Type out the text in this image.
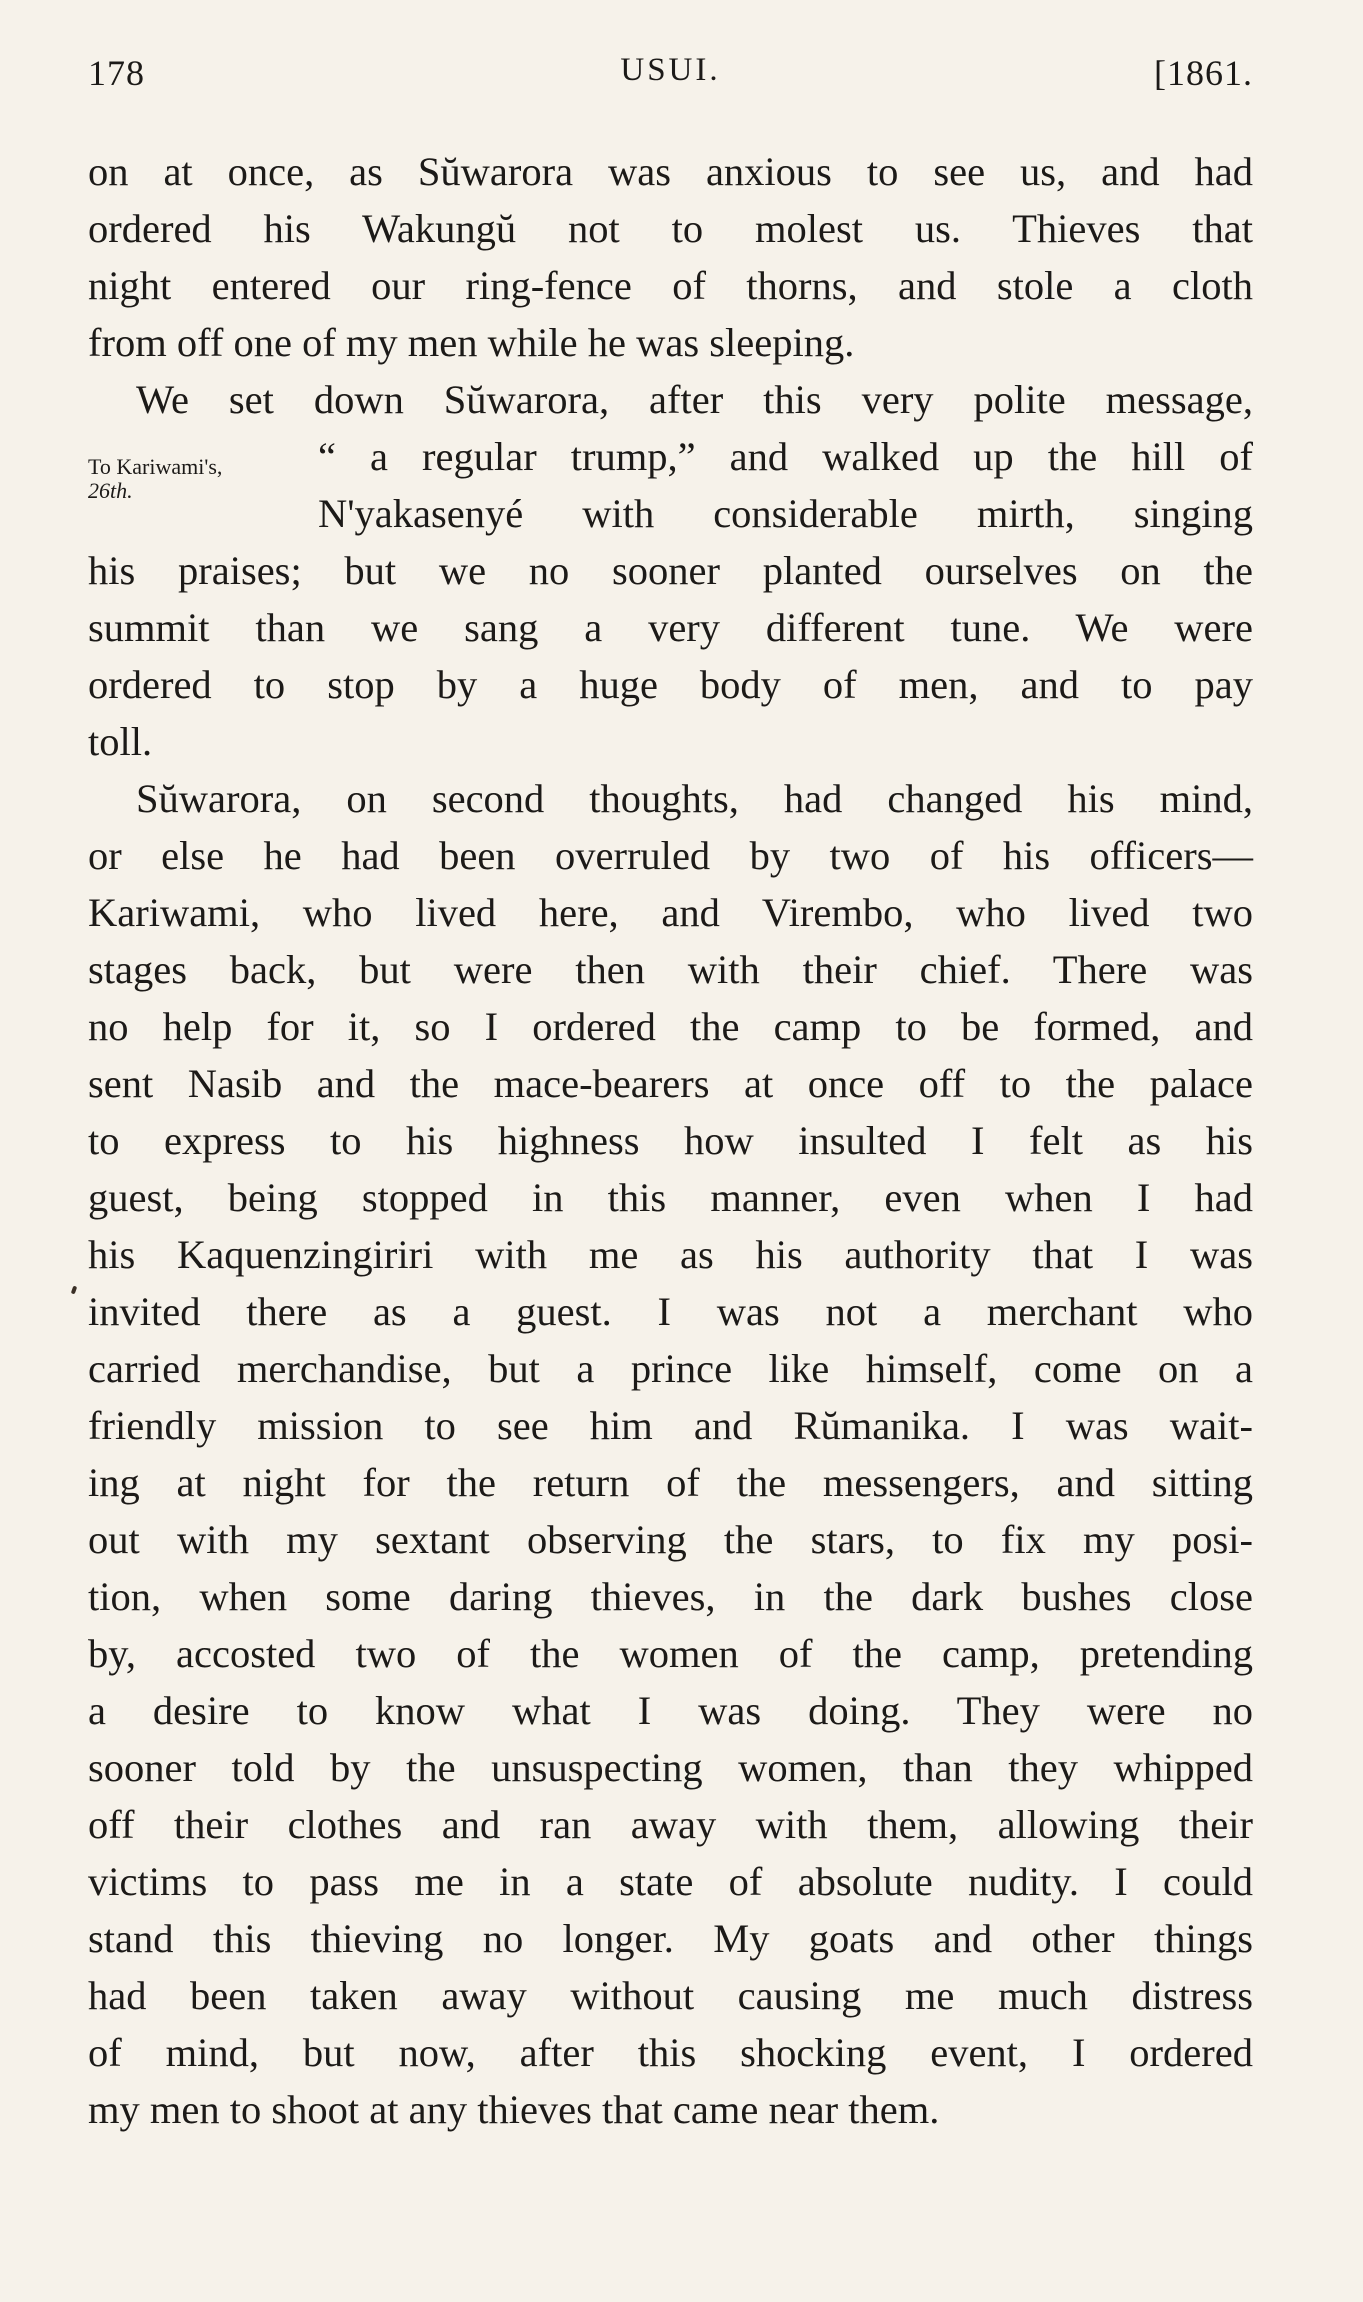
178	USUI.	[1861.
To Kariwami's,
26th.
on at once, as Sŭwarora was anxious to see us, and had
ordered his Wakungŭ not to molest us. Thieves that
night entered our ring-fence of thorns, and stole a cloth
from off one of my men while he was sleeping.
We set down Sŭwarora, after this very polite message,
“ a regular trump,” and walked up the hill of
N'yakasenyé with considerable mirth, singing
his praises; but we no sooner planted ourselves on the
summit than we sang a very different tune. We were
ordered to stop by a huge body of men, and to pay
toll.
Sŭwarora, on second thoughts, had changed his mind,
or else he had been overruled by two of his officers—
Kariwami, who lived here, and Virembo, who lived two
stages back, but were then with their chief. There was
no help for it, so I ordered the camp to be formed, and
sent Nasib and the mace-bearers at once off to the palace
to express to his highness how insulted I felt as his
guest, being stopped in this manner, even when I had
his Kaquenzingiriri with me as his authority that I was
invited there as a guest. I was not a merchant who
carried merchandise, but a prince like himself, come on a
friendly mission to see him and Rŭmanika. I was wait-
ing at night for the return of the messengers, and sitting
out with my sextant observing the stars, to fix my posi-
tion, when some daring thieves, in the dark bushes close
by, accosted two of the women of the camp, pretending
a desire to know what I was doing. They were no
sooner told by the unsuspecting women, than they whipped
off their clothes and ran away with them, allowing their
victims to pass me in a state of absolute nudity. I could
stand this thieving no longer. My goats and other things
had been taken away without causing me much distress
of mind, but now, after this shocking event, I ordered
my men to shoot at any thieves that came near them.
